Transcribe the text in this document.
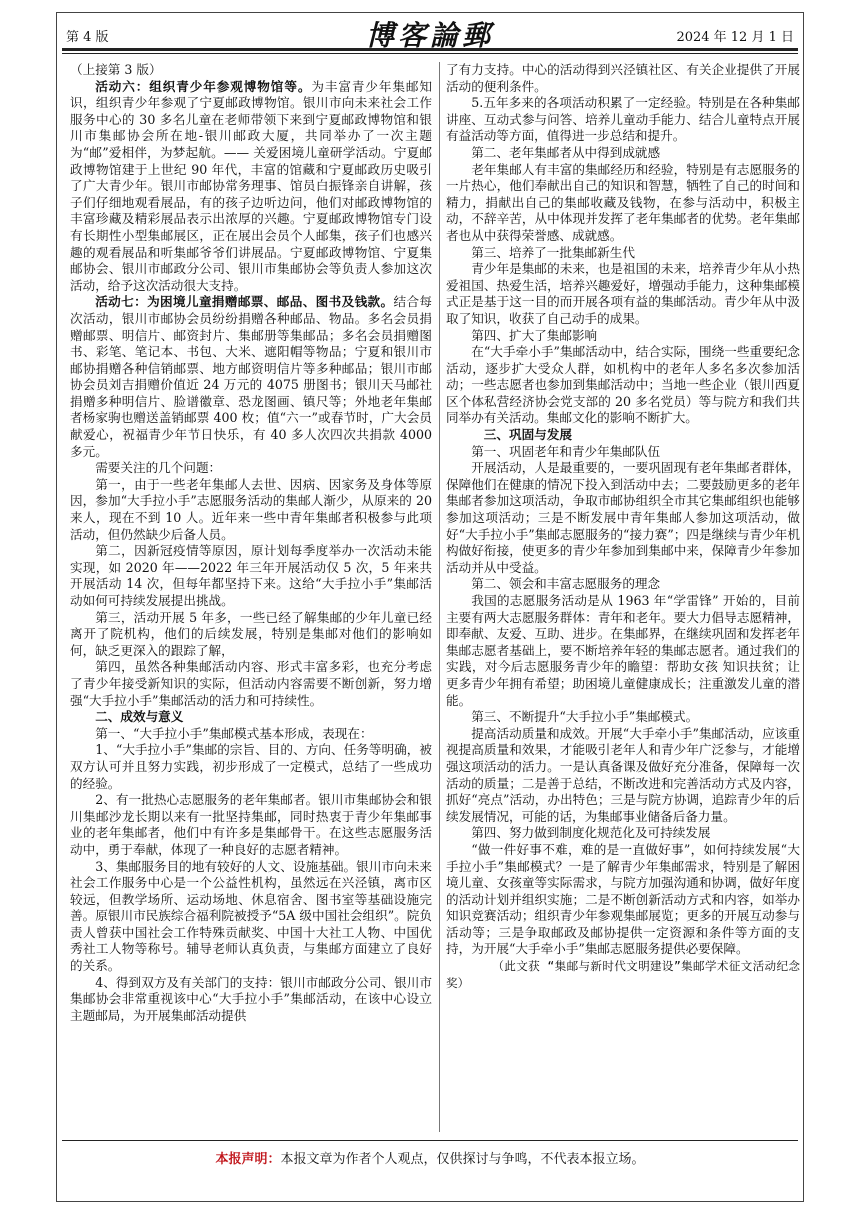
第 4 版	博客論郵	2024 年 12 月 1 日

（上接第 3 版）

活动六：组织青少年参观博物馆等。为丰富青少年集邮知识，组织青少年参观了宁夏邮政博物馆。银川市向未来社会工作服务中心的 30 多名儿童在老师带领下来到宁夏邮政博物馆和银川市集邮协会所在地-银川邮政大厦，共同举办了一次主题为“邮”爱相伴，为梦起航。—— 关爱困境儿童研学活动。宁夏邮政博物馆建于上世纪 90 年代，丰富的馆藏和宁夏邮政历史吸引了广大青少年。银川市邮协常务理事、馆员白振锋亲自讲解，孩子们仔细地观看展品，有的孩子边听边问，他们对邮政博物馆的丰富珍藏及精彩展品表示出浓厚的兴趣。宁夏邮政博物馆专门设有长期性小型集邮展区，正在展出会员个人邮集，孩子们也感兴趣的观看展品和听集邮爷爷们讲展品。宁夏邮政博物馆、宁夏集邮协会、银川市邮政分公司、银川市集邮协会等负责人参加这次活动，给予这次活动很大支持。

活动七：为困境儿童捐赠邮票、邮品、图书及钱款。结合每次活动，银川市邮协会员纷纷捐赠各种邮品、物品。多名会员捐赠邮票、明信片、邮资封片、集邮册等集邮品；多名会员捐赠图书、彩笔、笔记本、书包、大米、遮阳帽等物品；宁夏和银川市邮协捐赠各种信销邮票、地方邮资明信片等多种邮品；银川市邮协会员刘吉捐赠价值近 24 万元的 4075 册图书；银川天马邮社捐赠多种明信片、脸谱徽章、恐龙图画、镇尺等；外地老年集邮者杨家驹也赠送盖销邮票 400 枚；值“六一”或春节时，广大会员献爱心，祝福青少年节日快乐，有 40 多人次四次共捐款 4000 多元。

需要关注的几个问题：

第一，由于一些老年集邮人去世、因病、因家务及身体等原因，参加“大手拉小手”志愿服务活动的集邮人渐少，从原来的 20 来人，现在不到 10 人。近年来一些中青年集邮者积极参与此项活动，但仍然缺少后备人员。

第二，因新冠疫情等原因，原计划每季度举办一次活动未能实现，如 2020 年——2022 年三年开展活动仅 5 次，5 年来共开展活动 14 次，但每年都坚持下来。这给“大手拉小手”集邮活动如何可持续发展提出挑战。

第三，活动开展 5 年多，一些已经了解集邮的少年儿童已经离开了院机构，他们的后续发展，特别是集邮对他们的影响如何，缺乏更深入的跟踪了解，

第四，虽然各种集邮活动内容、形式丰富多彩，也充分考虑了青少年接受新知识的实际，但活动内容需要不断创新，努力增强“大手拉小手”集邮活动的活力和可持续性。

二、成效与意义

第一、“大手拉小手”集邮模式基本形成，表现在：

1、“大手拉小手”集邮的宗旨、目的、方向、任务等明确，被双方认可并且努力实践，初步形成了一定模式，总结了一些成功的经验。

2、有一批热心志愿服务的老年集邮者。银川市集邮协会和银川集邮沙龙长期以来有一批坚持集邮，同时热衷于青少年集邮事业的老年集邮者，他们中有许多是集邮骨干。在这些志愿服务活动中，勇于奉献，体现了一种良好的志愿者精神。

3、集邮服务目的地有较好的人文、设施基础。银川市向未来社会工作服务中心是一个公益性机构，虽然远在兴泾镇，离市区较远，但教学场所、运动场地、休息宿舍、图书室等基础设施完善。原银川市民族综合福利院被授予“5A 级中国社会组织”。院负责人曾获中国社会工作特殊贡献奖、中国十大社工人物、中国优秀社工人物等称号。辅导老师认真负责，与集邮方面建立了良好的关系。

4、得到双方及有关部门的支持：银川市邮政分公司、银川市集邮协会非常重视该中心“大手拉小手”集邮活动，在该中心设立主题邮局，为开展集邮活动提供

了有力支持。中心的活动得到兴泾镇社区、有关企业提供了开展活动的便利条件。

5.五年多来的各项活动积累了一定经验。特别是在各种集邮讲座、互动式参与问答、培养儿童动手能力、结合儿童特点开展有益活动等方面，值得进一步总结和提升。

第二、老年集邮者从中得到成就感

老年集邮人有丰富的集邮经历和经验，特别是有志愿服务的一片热心，他们奉献出自己的知识和智慧，牺牲了自己的时间和精力，捐献出自己的集邮收藏及钱物，在参与活动中，积极主动，不辞辛苦，从中体现并发挥了老年集邮者的优势。老年集邮者也从中获得荣誉感、成就感。

第三、培养了一批集邮新生代

青少年是集邮的未来，也是祖国的未来，培养青少年从小热爱祖国、热爱生活，培养兴趣爱好，增强动手能力，这种集邮模式正是基于这一目的而开展各项有益的集邮活动。青少年从中汲取了知识，收获了自己动手的成果。

第四、扩大了集邮影响

在“大手牵小手”集邮活动中，结合实际，围绕一些重要纪念活动，逐步扩大受众人群，如机构中的老年人多名多次参加活动；一些志愿者也参加到集邮活动中；当地一些企业（银川西夏区个体私营经济协会党支部的 20 多名党员）等与院方和我们共同举办有关活动。集邮文化的影响不断扩大。

三、巩固与发展

第一、巩固老年和青少年集邮队伍

开展活动，人是最重要的，一要巩固现有老年集邮者群体，保障他们在健康的情况下投入到活动中去；二要鼓励更多的老年集邮者参加这项活动，争取市邮协组织全市其它集邮组织也能够参加这项活动；三是不断发展中青年集邮人参加这项活动，做好“大手拉小手”集邮志愿服务的“接力赛”；四是继续与青少年机构做好衔接，使更多的青少年参加到集邮中来，保障青少年参加活动并从中受益。

第二、领会和丰富志愿服务的理念

我国的志愿服务活动是从 1963 年“学雷锋” 开始的，目前主要有两大志愿服务群体：青年和老年。要大力倡导志愿精神，即奉献、友爱、互助、进步。在集邮界，在继续巩固和发挥老年集邮志愿者基础上，要不断培养年轻的集邮志愿者。通过我们的实践，对今后志愿服务青少年的瞻望：帮助女孩 知识扶贫；让更多青少年拥有希望；助困境儿童健康成长；注重激发儿童的潜能。

第三、不断提升“大手拉小手”集邮模式。

提高活动质量和成效。开展“大手牵小手”集邮活动，应该重视提高质量和效果，才能吸引老年人和青少年广泛参与，才能增强这项活动的活力。一是认真备课及做好充分准备，保障每一次活动的质量；二是善于总结，不断改进和完善活动方式及内容，抓好“亮点”活动，办出特色；三是与院方协调，追踪青少年的后续发展情况，可能的话，为集邮事业储备后备力量。

第四、努力做到制度化规范化及可持续发展

“做一件好事不难，难的是一直做好事”，如何持续发展“大手拉小手”集邮模式？一是了解青少年集邮需求，特别是了解困境儿童、女孩童等实际需求，与院方加强沟通和协调，做好年度的活动计划并组织实施；二是不断创新活动方式和内容，如举办知识竞赛活动；组织青少年参观集邮展览；更多的开展互动参与活动等；三是争取邮政及邮协提供一定资源和条件等方面的支持，为开展“大手牵小手”集邮志愿服务提供必要保障。

（此文获 “集邮与新时代文明建设”集邮学术征文活动纪念奖）

本报声明：本报文章为作者个人观点，仅供探讨与争鸣，不代表本报立场。
